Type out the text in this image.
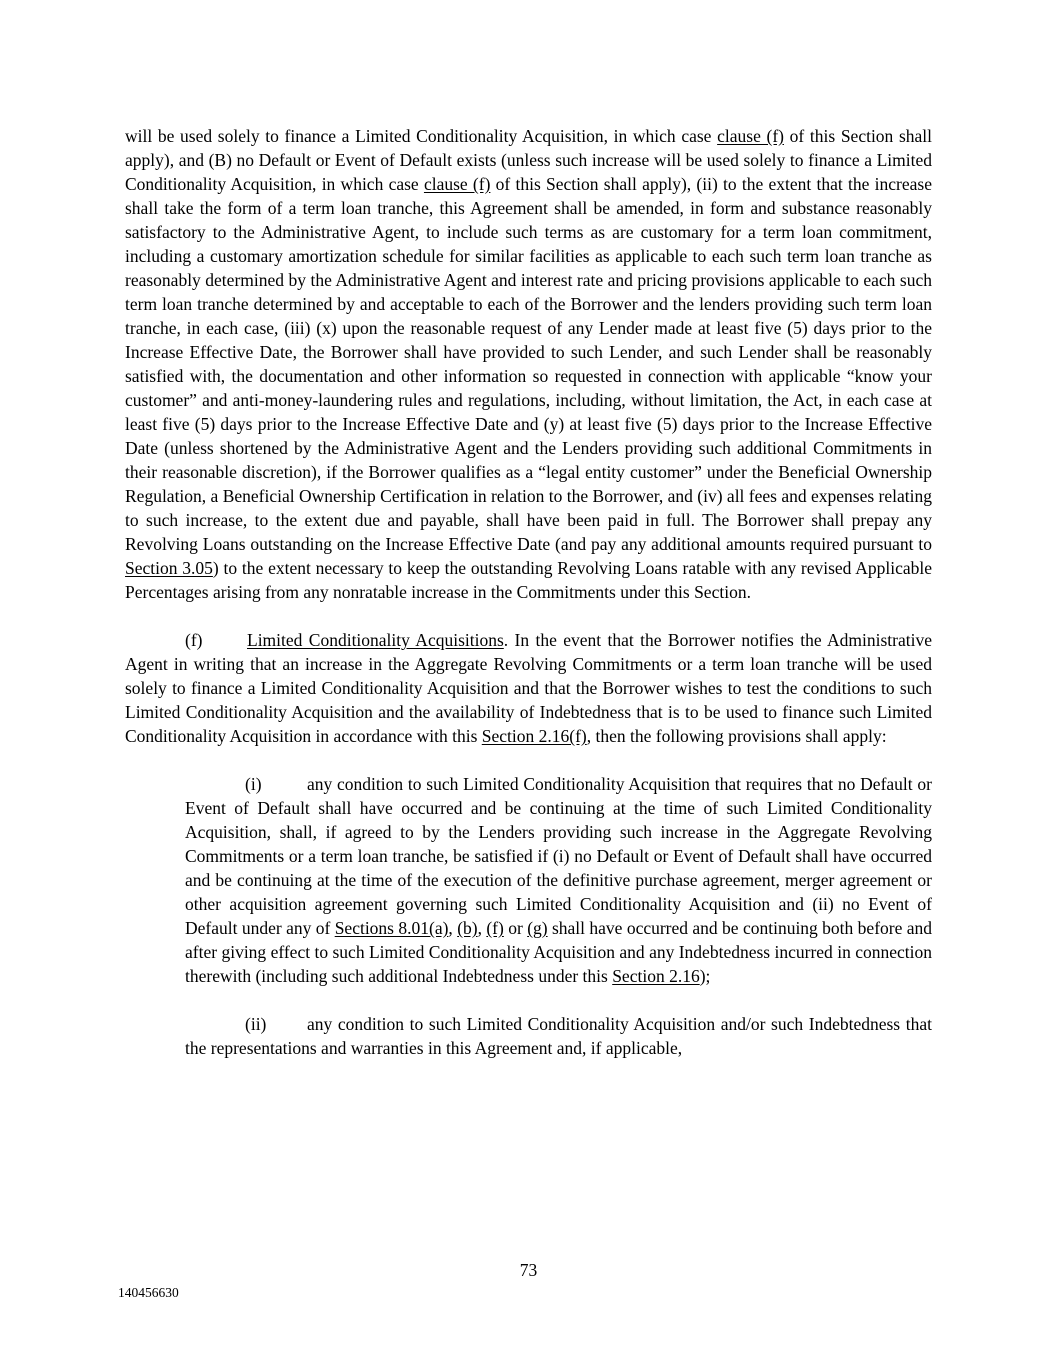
will be used solely to finance a Limited Conditionality Acquisition, in which case clause (f) of this Section shall apply), and (B) no Default or Event of Default exists (unless such increase will be used solely to finance a Limited Conditionality Acquisition, in which case clause (f) of this Section shall apply), (ii) to the extent that the increase shall take the form of a term loan tranche, this Agreement shall be amended, in form and substance reasonably satisfactory to the Administrative Agent, to include such terms as are customary for a term loan commitment, including a customary amortization schedule for similar facilities as applicable to each such term loan tranche as reasonably determined by the Administrative Agent and interest rate and pricing provisions applicable to each such term loan tranche determined by and acceptable to each of the Borrower and the lenders providing such term loan tranche, in each case, (iii) (x) upon the reasonable request of any Lender made at least five (5) days prior to the Increase Effective Date, the Borrower shall have provided to such Lender, and such Lender shall be reasonably satisfied with, the documentation and other information so requested in connection with applicable “know your customer” and anti-money-laundering rules and regulations, including, without limitation, the Act, in each case at least five (5) days prior to the Increase Effective Date and (y) at least five (5) days prior to the Increase Effective Date (unless shortened by the Administrative Agent and the Lenders providing such additional Commitments in their reasonable discretion), if the Borrower qualifies as a “legal entity customer” under the Beneficial Ownership Regulation, a Beneficial Ownership Certification in relation to the Borrower, and (iv) all fees and expenses relating to such increase, to the extent due and payable, shall have been paid in full. The Borrower shall prepay any Revolving Loans outstanding on the Increase Effective Date (and pay any additional amounts required pursuant to Section 3.05) to the extent necessary to keep the outstanding Revolving Loans ratable with any revised Applicable Percentages arising from any nonratable increase in the Commitments under this Section.

(f)	Limited Conditionality Acquisitions. In the event that the Borrower notifies the Administrative Agent in writing that an increase in the Aggregate Revolving Commitments or a term loan tranche will be used solely to finance a Limited Conditionality Acquisition and that the Borrower wishes to test the conditions to such Limited Conditionality Acquisition and the availability of Indebtedness that is to be used to finance such Limited Conditionality Acquisition in accordance with this Section 2.16(f), then the following provisions shall apply:

(i)	any condition to such Limited Conditionality Acquisition that requires that no Default or Event of Default shall have occurred and be continuing at the time of such Limited Conditionality Acquisition, shall, if agreed to by the Lenders providing such increase in the Aggregate Revolving Commitments or a term loan tranche, be satisfied if (i) no Default or Event of Default shall have occurred and be continuing at the time of the execution of the definitive purchase agreement, merger agreement or other acquisition agreement governing such Limited Conditionality Acquisition and (ii) no Event of Default under any of Sections 8.01(a), (b), (f) or (g) shall have occurred and be continuing both before and after giving effect to such Limited Conditionality Acquisition and any Indebtedness incurred in connection therewith (including such additional Indebtedness under this Section 2.16);

(ii) any condition to such Limited Conditionality Acquisition and/or such Indebtedness that the representations and warranties in this Agreement and, if applicable,

73
140456630
